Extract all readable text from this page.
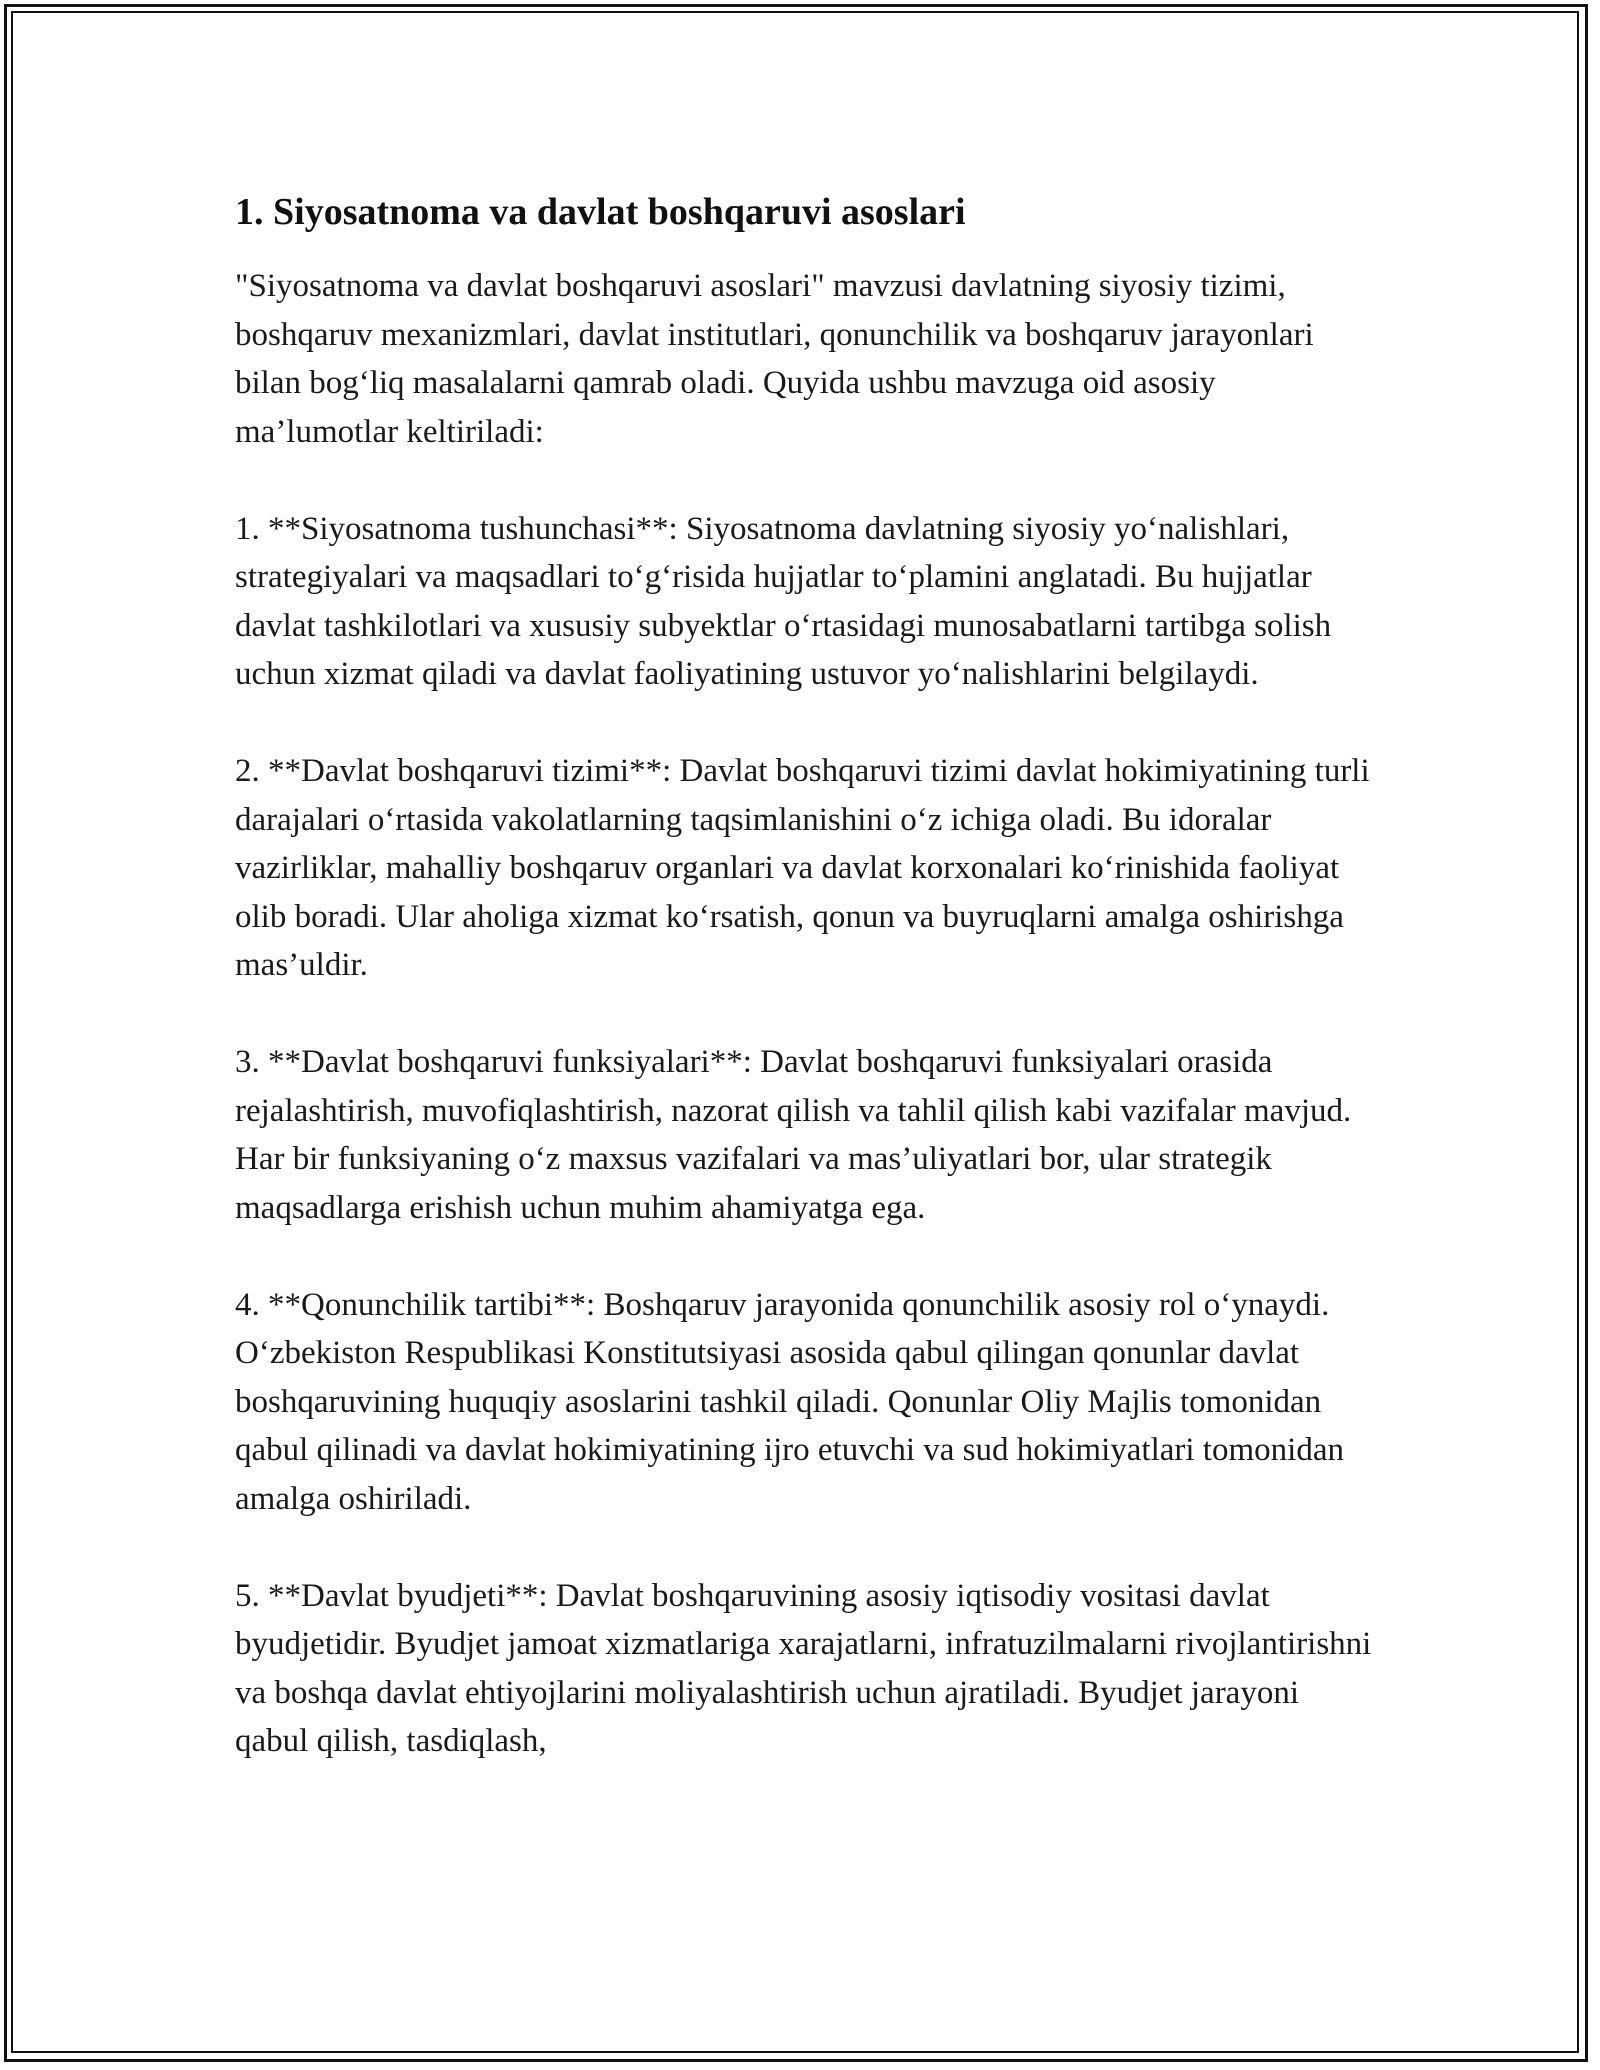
1. Siyosatnoma va davlat boshqaruvi asoslari

"Siyosatnoma va davlat boshqaruvi asoslari" mavzusi davlatning siyosiy tizimi, boshqaruv mexanizmlari, davlat institutlari, qonunchilik va boshqaruv jarayonlari bilan bog‘liq masalalarni qamrab oladi. Quyida ushbu mavzuga oid asosiy ma’lumotlar keltiriladi:

1. **Siyosatnoma tushunchasi**: Siyosatnoma davlatning siyosiy yo‘nalishlari, strategiyalari va maqsadlari to‘g‘risida hujjatlar to‘plamini anglatadi. Bu hujjatlar davlat tashkilotlari va xususiy subyektlar o‘rtasidagi munosabatlarni tartibga solish uchun xizmat qiladi va davlat faoliyatining ustuvor yo‘nalishlarini belgilaydi.

2. **Davlat boshqaruvi tizimi**: Davlat boshqaruvi tizimi davlat hokimiyatining turli darajalari o‘rtasida vakolatlarning taqsimlanishini o‘z ichiga oladi. Bu idoralar vazirliklar, mahalliy boshqaruv organlari va davlat korxonalari ko‘rinishida faoliyat olib boradi. Ular aholiga xizmat ko‘rsatish, qonun va buyruqlarni amalga oshirishga mas’uldir.

3. **Davlat boshqaruvi funksiyalari**: Davlat boshqaruvi funksiyalari orasida rejalashtirish, muvofiqlashtirish, nazorat qilish va tahlil qilish kabi vazifalar mavjud. Har bir funksiyaning o‘z maxsus vazifalari va mas’uliyatlari bor, ular strategik maqsadlarga erishish uchun muhim ahamiyatga ega.

4. **Qonunchilik tartibi**: Boshqaruv jarayonida qonunchilik asosiy rol o‘ynaydi. O‘zbekiston Respublikasi Konstitutsiyasi asosida qabul qilingan qonunlar davlat boshqaruvining huquqiy asoslarini tashkil qiladi. Qonunlar Oliy Majlis tomonidan qabul qilinadi va davlat hokimiyatining ijro etuvchi va sud hokimiyatlari tomonidan amalga oshiriladi.

5. **Davlat byudjeti**: Davlat boshqaruvining asosiy iqtisodiy vositasi davlat byudjetidir. Byudjet jamoat xizmatlariga xarajatlarni, infratuzilmalarni rivojlantirishni va boshqa davlat ehtiyojlarini moliyalashtirish uchun ajratiladi. Byudjet jarayoni qabul qilish, tasdiqlash,
